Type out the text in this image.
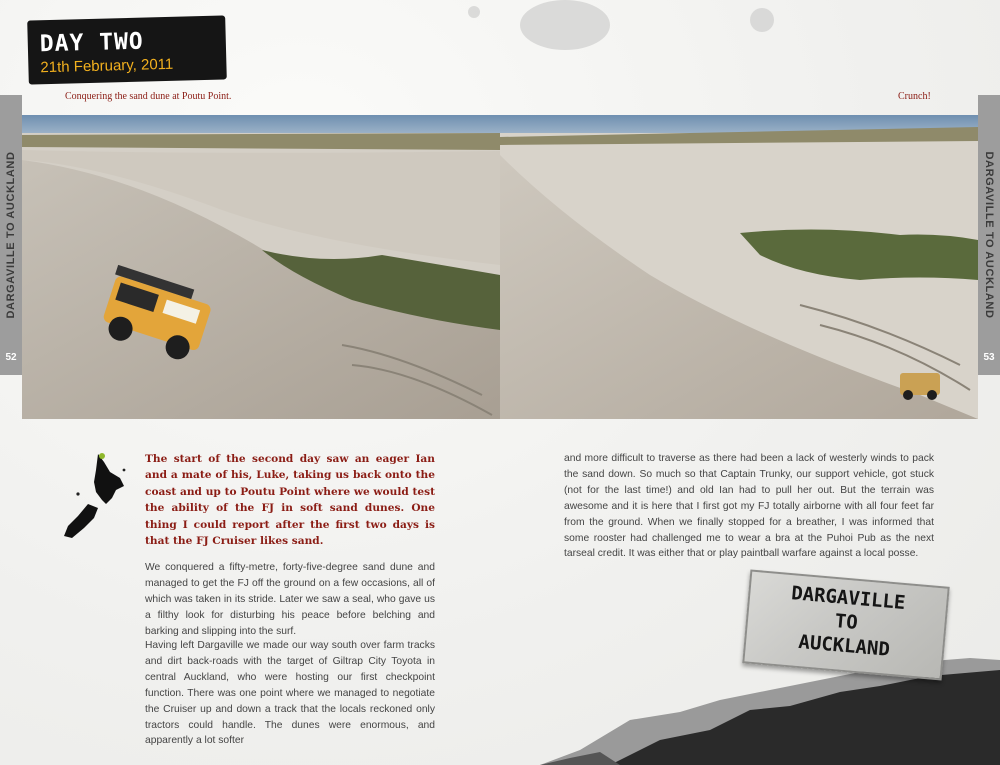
DAY TWO
21th February, 2011
Conquering the sand dune at Poutu Point.	Crunch!
DARGAVILLE TO AUCKLAND	DARGAVILLE TO AUCKLAND
52	53
The start of the second day saw an eager Ian and a mate of his, Luke, taking us back onto the coast and up to Poutu Point where we would test the ability of the FJ in soft sand dunes. One thing I could report after the first two days is that the FJ Cruiser likes sand.
We conquered a fifty-metre, forty-five-degree sand dune and managed to get the FJ off the ground on a few occasions, all of which was taken in its stride. Later we saw a seal, who gave us a filthy look for disturbing his peace before belching and barking and slipping into the surf.
Having left Dargaville we made our way south over farm tracks and dirt back-roads with the target of Giltrap City Toyota in central Auckland, who were hosting our first checkpoint function. There was one point where we managed to negotiate the Cruiser up and down a track that the locals reckoned only tractors could handle. The dunes were enormous, and apparently a lot softer
and more difficult to traverse as there had been a lack of westerly winds to pack the sand down. So much so that Captain Trunky, our support vehicle, got stuck (not for the last time!) and old Ian had to pull her out. But the terrain was awesome and it is here that I first got my FJ totally airborne with all four feet far from the ground. When we finally stopped for a breather, I was informed that some rooster had challenged me to wear a bra at the Puhoi Pub as the next tarseal credit. It was either that or play paintball warfare against a local posse.
DARGAVILLE
TO
AUCKLAND
